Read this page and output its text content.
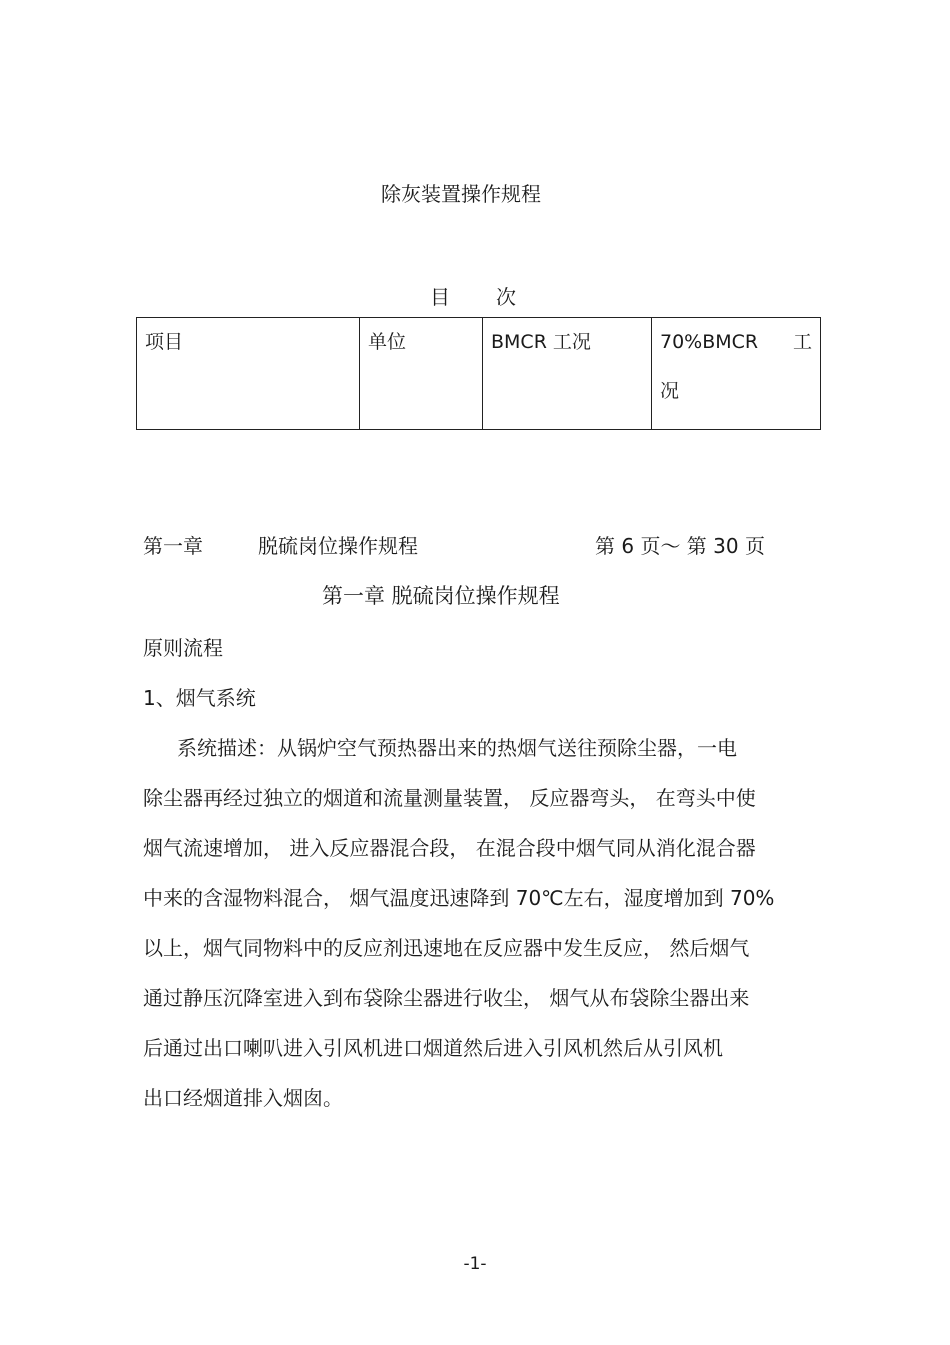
除灰装置操作规程
目 次
项目	单位	BMCR 工况	70%BMCR 工
况
第一章	脱硫岗位操作规程	第 6 页～ 第 30 页
第一章 脱硫岗位操作规程
原则流程
1、烟气系统
系统描述：从锅炉空气预热器出来的热烟气送往预除尘器，一电
除尘器再经过独立的烟道和流量测量装置， 反应器弯头， 在弯头中使
烟气流速增加， 进入反应器混合段， 在混合段中烟气同从消化混合器
中来的含湿物料混合， 烟气温度迅速降到 70℃左右，湿度增加到 70%
以上，烟气同物料中的反应剂迅速地在反应器中发生反应， 然后烟气
通过静压沉降室进入到布袋除尘器进行收尘， 烟气从布袋除尘器出来
后通过出口喇叭进入引风机进口烟道然后进入引风机然后从引风机
出口经烟道排入烟囱。
-1-
